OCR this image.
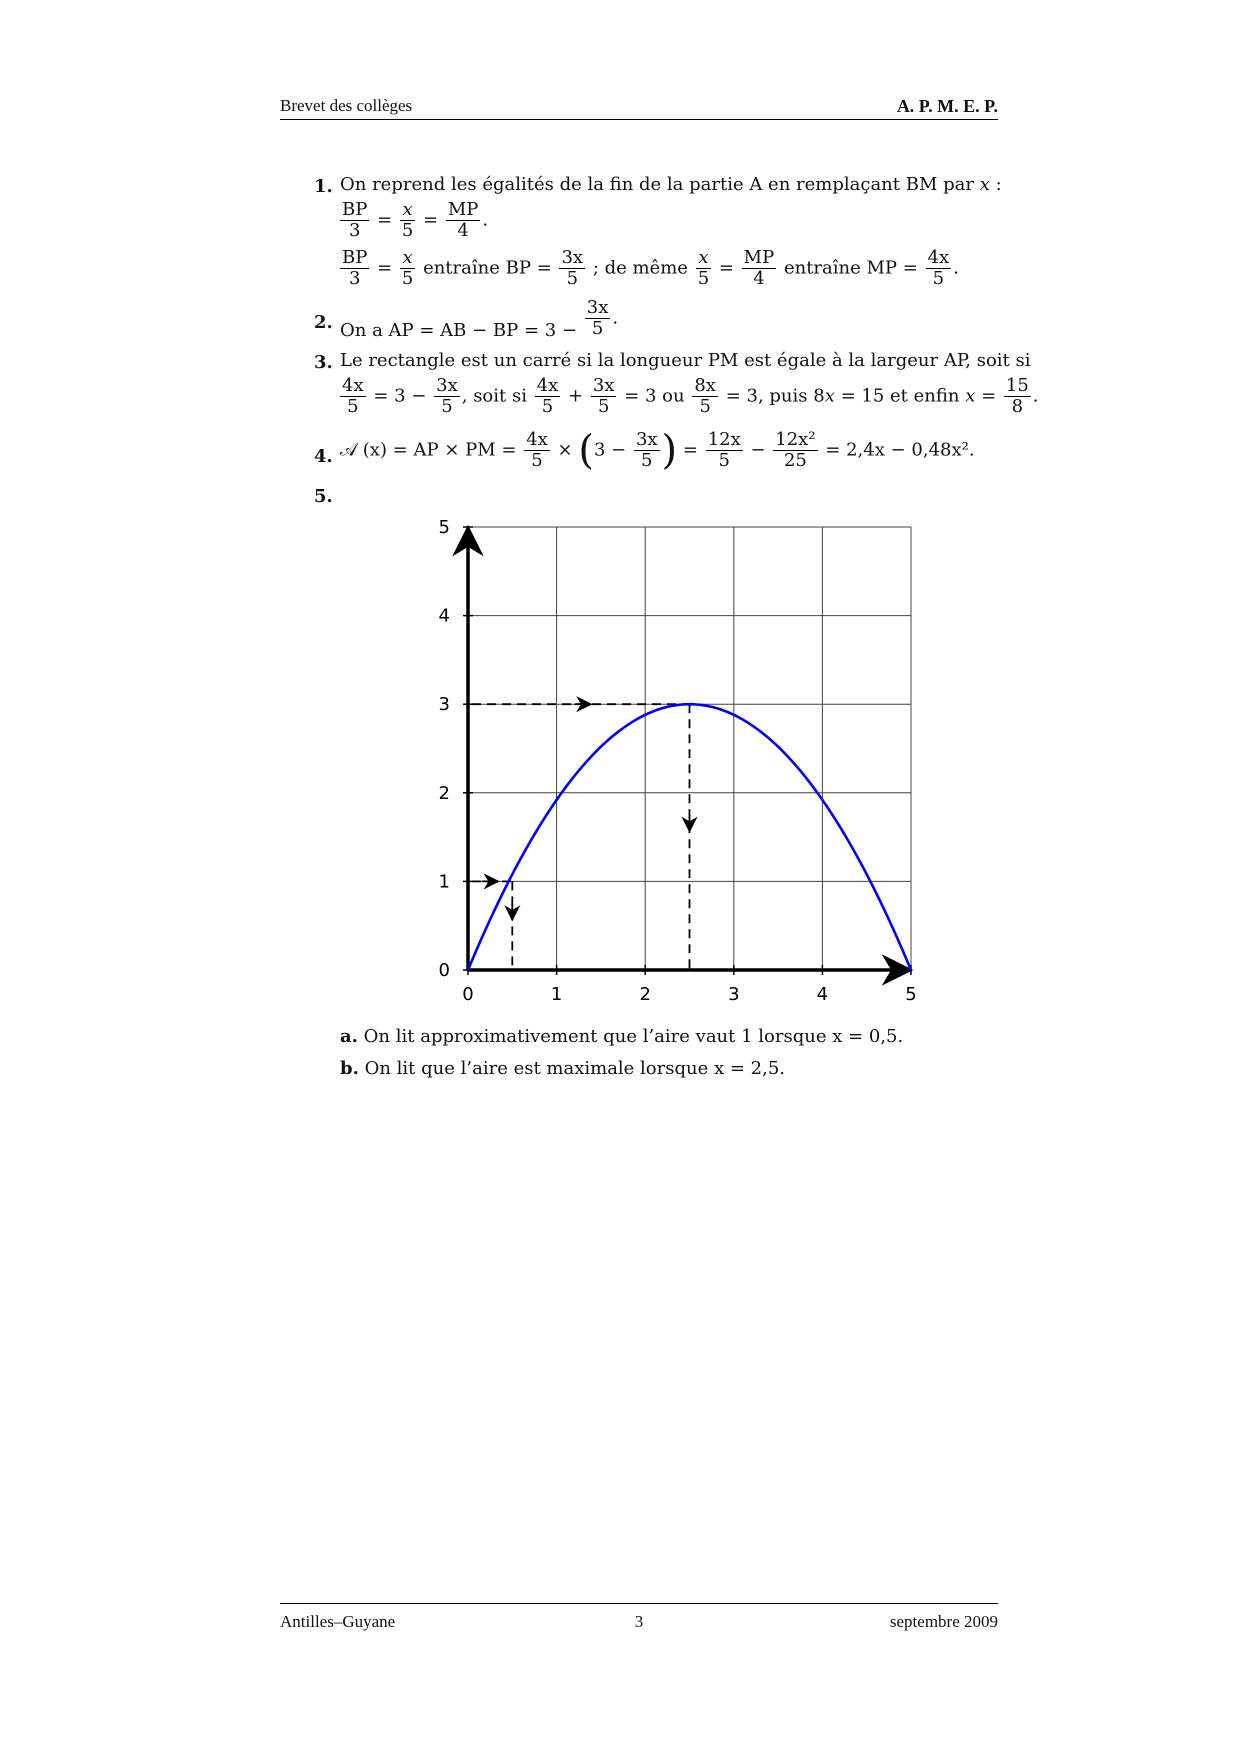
Brevet des collèges	A. P. M. E. P.
1. On reprend les égalités de la fin de la partie A en remplaçant BM par x :
$\frac{BP}{3} = \frac{x}{5} = \frac{MP}{4}$ .
$\frac{BP}{3} = \frac{x}{5}$ entraîne BP = $\frac{3x}{5}$ ; de même $\frac{x}{5} = \frac{MP}{4}$ entraîne MP = $\frac{4x}{5}$ .
2. On a AP = AB − BP = $3 - \frac{3x}{5}$ .
3. Le rectangle est un carré si la longueur PM est égale à la largeur AP, soit si
$\frac{4x}{5} = 3 - \frac{3x}{5}$ , soit si $\frac{4x}{5} + \frac{3x}{5} = 3$ ou $\frac{8x}{5} = 3$, puis 8x = 15 et enfin $x = \frac{15}{8}$ .
4. 𝒜 (x) = AP × PM = $\frac{4x}{5} \times (3 - \frac{3x}{5}$ ) = $\frac{12x}{5} - \frac{\text{12x²}}{25} = 2,4x - 0,48x^2$.
5.
0	1	2	3	4	5
0
1
2
3
4
5
a. On lit approximativement que l’aire vaut 1 lorsque x = 0,5.
b. On lit que l’aire est maximale lorsque x = 2,5.
Antilles–Guyane	3	septembre 2009
